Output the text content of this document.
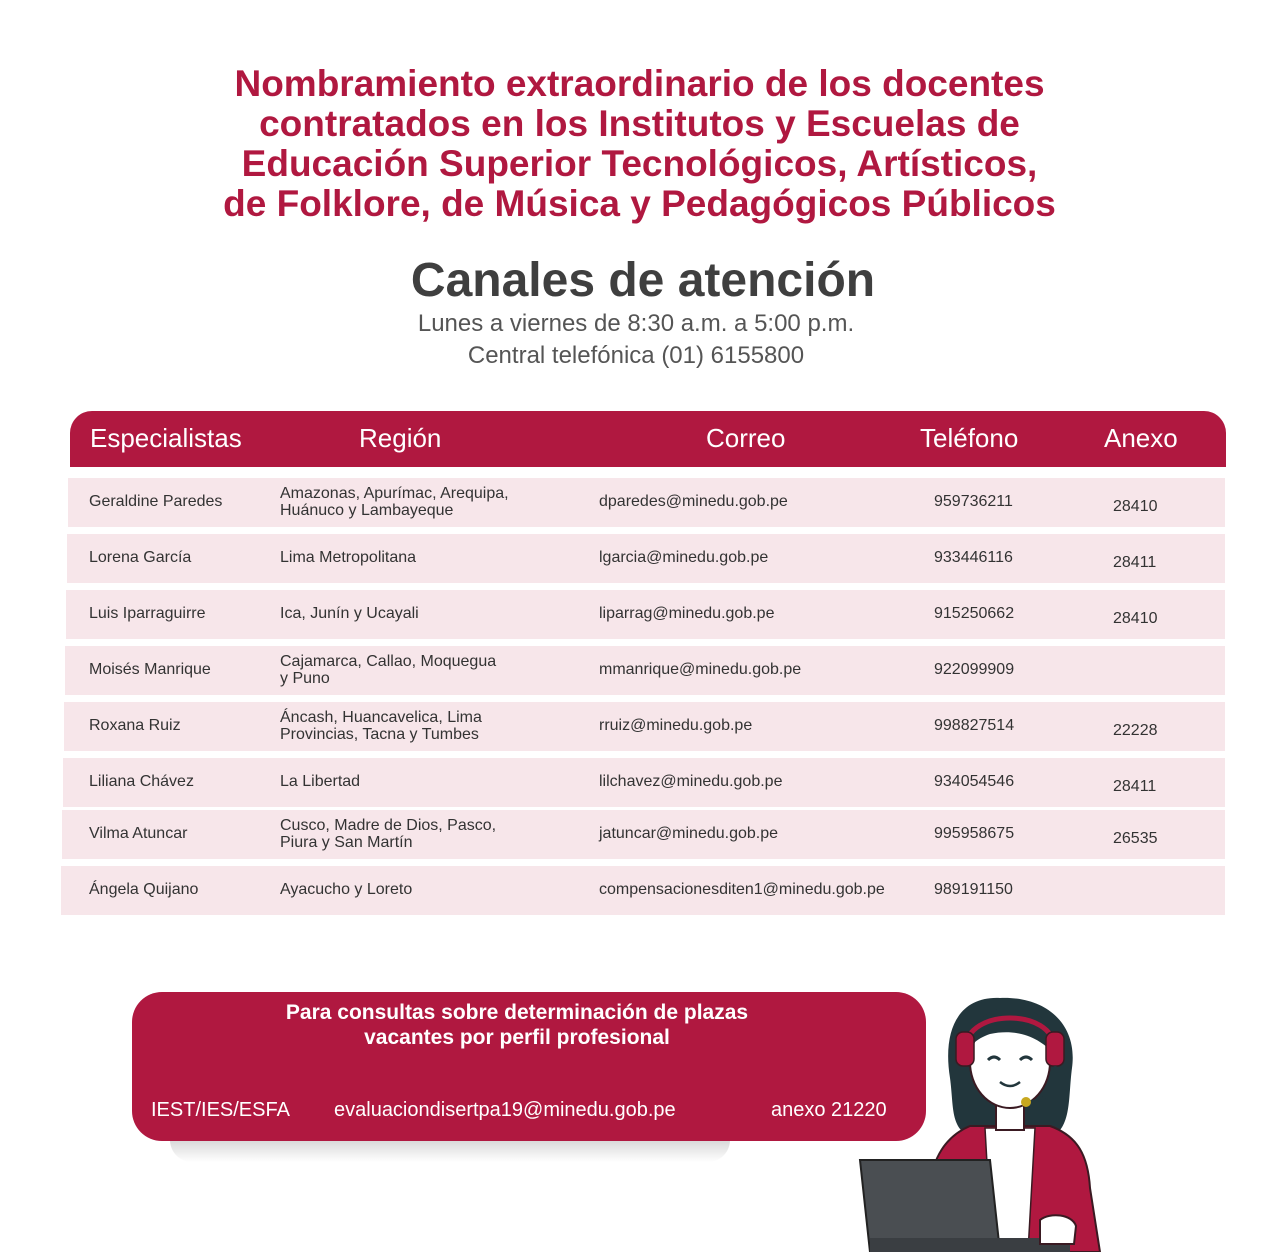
Nombramiento extraordinario de los docentes
contratados en los Institutos y Escuelas de
Educación Superior Tecnológicos, Artísticos,
de Folklore, de Música y Pedagógicos Públicos
Canales de atención
Lunes a viernes de 8:30 a.m. a 5:00 p.m.
Central telefónica (01) 6155800
Especialistas	Región	Correo	Teléfono	Anexo
Geraldine Paredes	Amazonas, Apurímac, Arequipa,
Huánuco y Lambayeque
dparedes@minedu.gob.pe	959736211	28410
Lorena García	Lima Metropolitana	lgarcia@minedu.gob.pe	933446116	28411
Luis Iparraguirre	Ica, Junín y Ucayali	liparrag@minedu.gob.pe	915250662	28410
Moisés Manrique	Cajamarca, Callao, Moquegua
y Puno
mmanrique@minedu.gob.pe	922099909
Roxana Ruiz	Áncash, Huancavelica, Lima
Provincias, Tacna y Tumbes
rruiz@minedu.gob.pe	998827514	22228
Liliana Chávez	La Libertad	lilchavez@minedu.gob.pe	934054546	28411
Vilma Atuncar	Cusco, Madre de Dios, Pasco,
Piura y San Martín
jatuncar@minedu.gob.pe	995958675	26535
Ángela Quijano	Ayacucho y Loreto	compensacionesditen1@minedu.gob.pe	989191150
Para consultas sobre determinación de plazas
vacantes por perfil profesional
IEST/IES/ESFA evaluaciondisertpa19@minedu.gob.pe	anexo 21220
